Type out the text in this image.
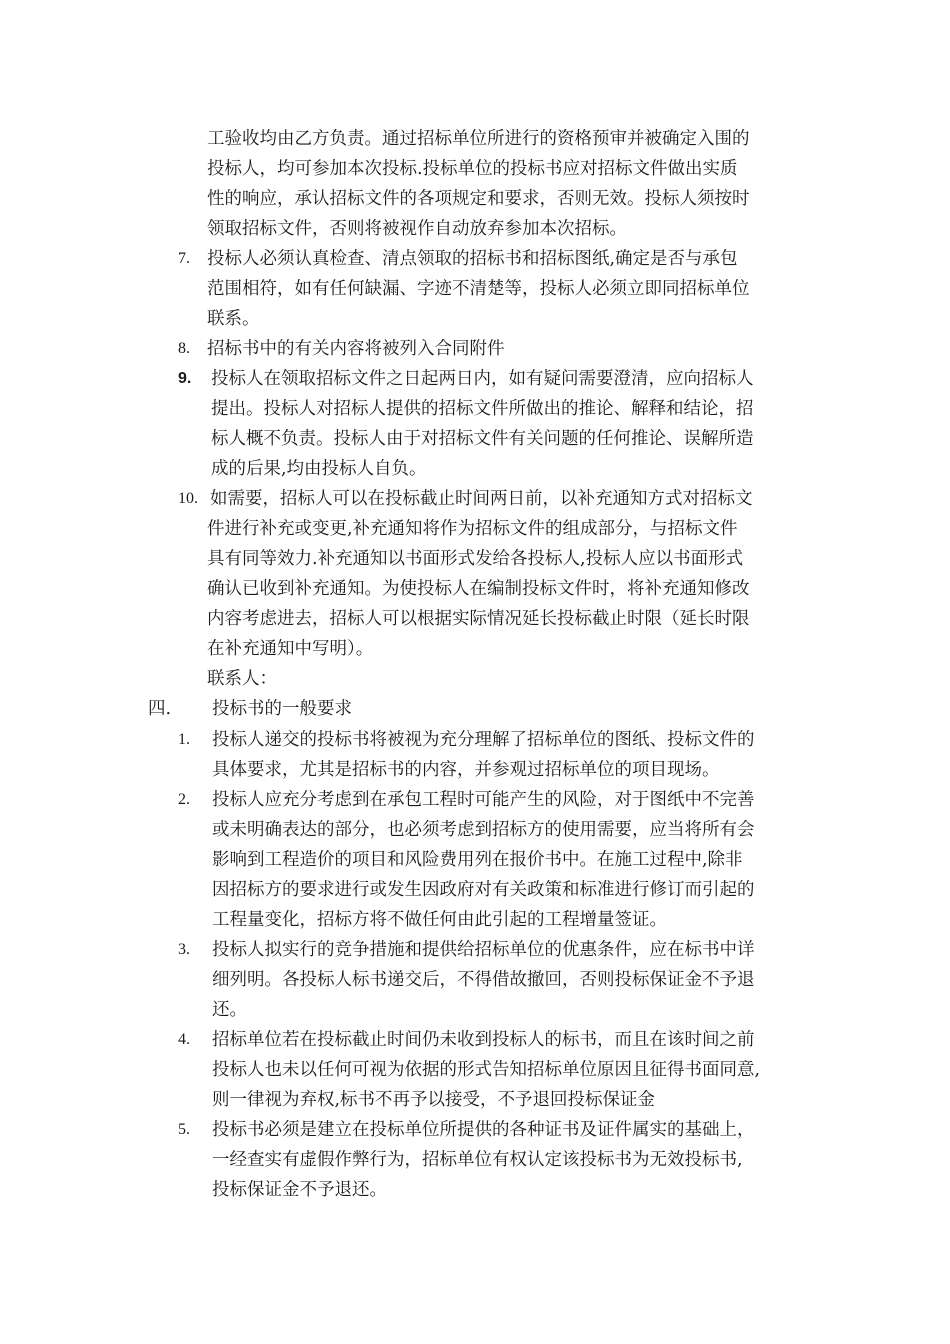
工验收均由乙方负责。通过招标单位所进行的资格预审并被确定入围的
投标人，均可参加本次投标.投标单位的投标书应对招标文件做出实质
性的响应，承认招标文件的各项规定和要求，否则无效。投标人须按时
领取招标文件，否则将被视作自动放弃参加本次招标。
7. 投标人必须认真检查、清点领取的招标书和招标图纸,确定是否与承包
范围相符，如有任何缺漏、字迹不清楚等，投标人必须立即同招标单位
联系。
8. 招标书中的有关内容将被列入合同附件
9. 投标人在领取招标文件之日起两日内，如有疑问需要澄清，应向招标人
提出。投标人对招标人提供的招标文件所做出的推论、解释和结论，招
标人概不负责。投标人由于对招标文件有关问题的任何推论、误解所造
成的后果,均由投标人自负。
10. 如需要，招标人可以在投标截止时间两日前，以补充通知方式对招标文
件进行补充或变更,补充通知将作为招标文件的组成部分，与招标文件
具有同等效力.补充通知以书面形式发给各投标人,投标人应以书面形式
确认已收到补充通知。为使投标人在编制投标文件时，将补充通知修改
内容考虑进去，招标人可以根据实际情况延长投标截止时限（延长时限
在补充通知中写明）。
联系人：
四. 投标书的一般要求
1. 投标人递交的投标书将被视为充分理解了招标单位的图纸、投标文件的
具体要求，尤其是招标书的内容，并参观过招标单位的项目现场。
2. 投标人应充分考虑到在承包工程时可能产生的风险，对于图纸中不完善
或未明确表达的部分，也必须考虑到招标方的使用需要，应当将所有会
影响到工程造价的项目和风险费用列在报价书中。在施工过程中,除非
因招标方的要求进行或发生因政府对有关政策和标准进行修订而引起的
工程量变化，招标方将不做任何由此引起的工程增量签证。
3. 投标人拟实行的竞争措施和提供给招标单位的优惠条件，应在标书中详
细列明。各投标人标书递交后，不得借故撤回，否则投标保证金不予退
还。
4. 招标单位若在投标截止时间仍未收到投标人的标书，而且在该时间之前
投标人也未以任何可视为依据的形式告知招标单位原因且征得书面同意,
则一律视为弃权,标书不再予以接受，不予退回投标保证金
5. 投标书必须是建立在投标单位所提供的各种证书及证件属实的基础上，
一经查实有虚假作弊行为，招标单位有权认定该投标书为无效投标书,
投标保证金不予退还。
